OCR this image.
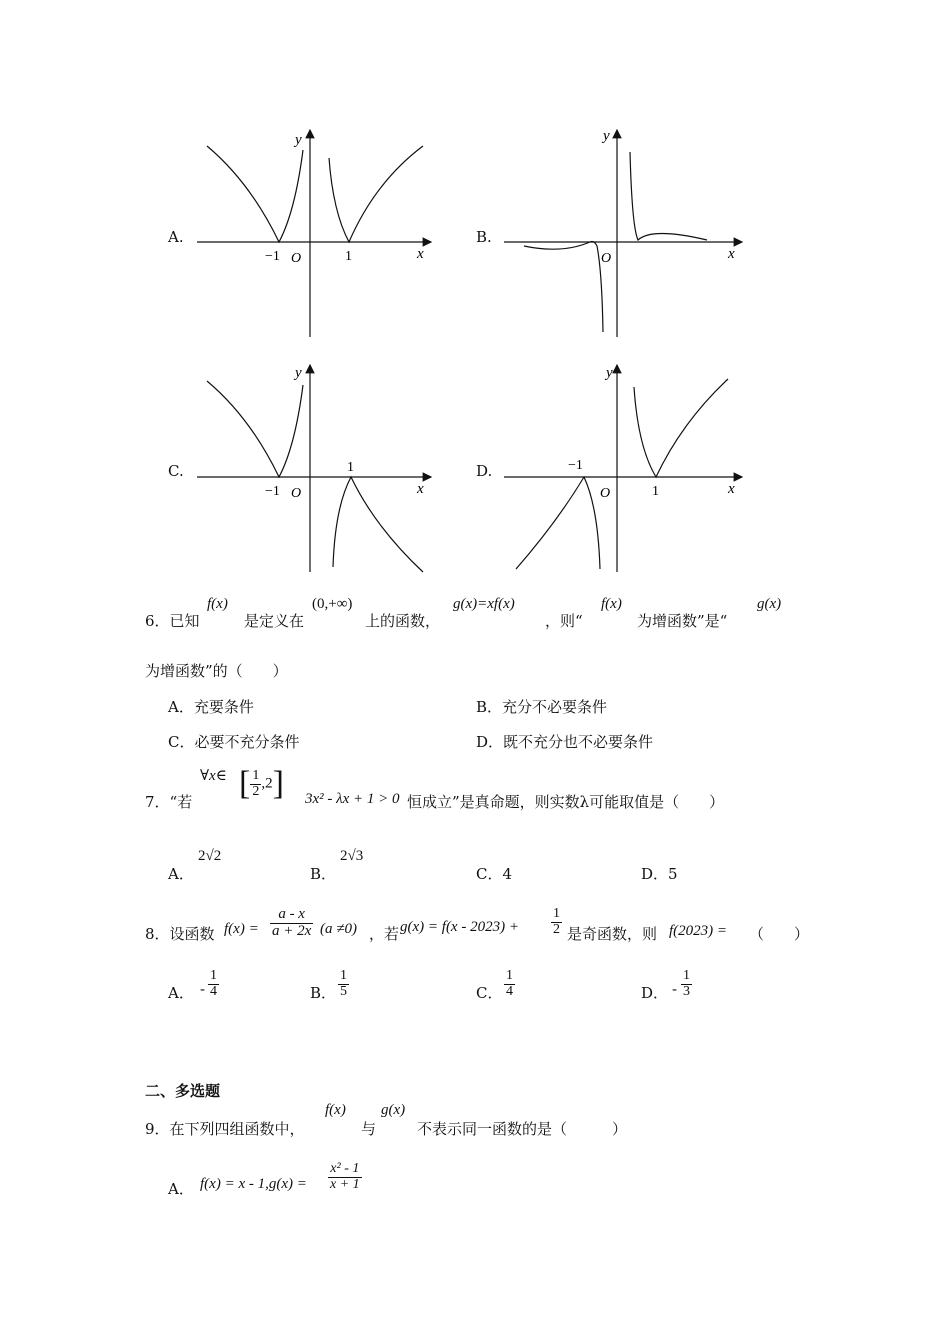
A.
−1	1
O	x
y
B.
O	x
y
C.
−1
1
O	x
y
D.	−1
1
O	x
y
6．已知
f(x)
是定义在
(0,+∞)
上的函数，
g(x)=xf(x)
，则“
f(x)
为增函数”是“
g(x)
为增函数”的（　　）
A．充要条件	B．充分不必要条件
C．必要不充分条件	D．既不充分也不必要条件
7．“若
∀x∈ [ $\frac{1}{2} ,2$] 3x² - λx + 1 > 0 恒成立”是真命题，则实数λ可能取值是（　　）
A．
2√2
B．
2√3
C．4	D．5
8．设函数 $f(x) = \frac{a - x}{a + 2x} (a \ne 0)$ ，若 $g(x) = f(x - 2023) + \frac{1}{2}$ 是奇函数，则 f(2023) = （　　）
A． - $\frac{1}{4}$	B． $\frac{1}{5}$	C． $\frac{1}{4}$	D． - $\frac{1}{3}$
二、多选题
9．在下列四组函数中，
f(x)
与
g(x)
不表示同一函数的是（　　　）
A． $f(x) = x - 1,g(x) = \frac{\text{x² - 1}}{x + 1}$
